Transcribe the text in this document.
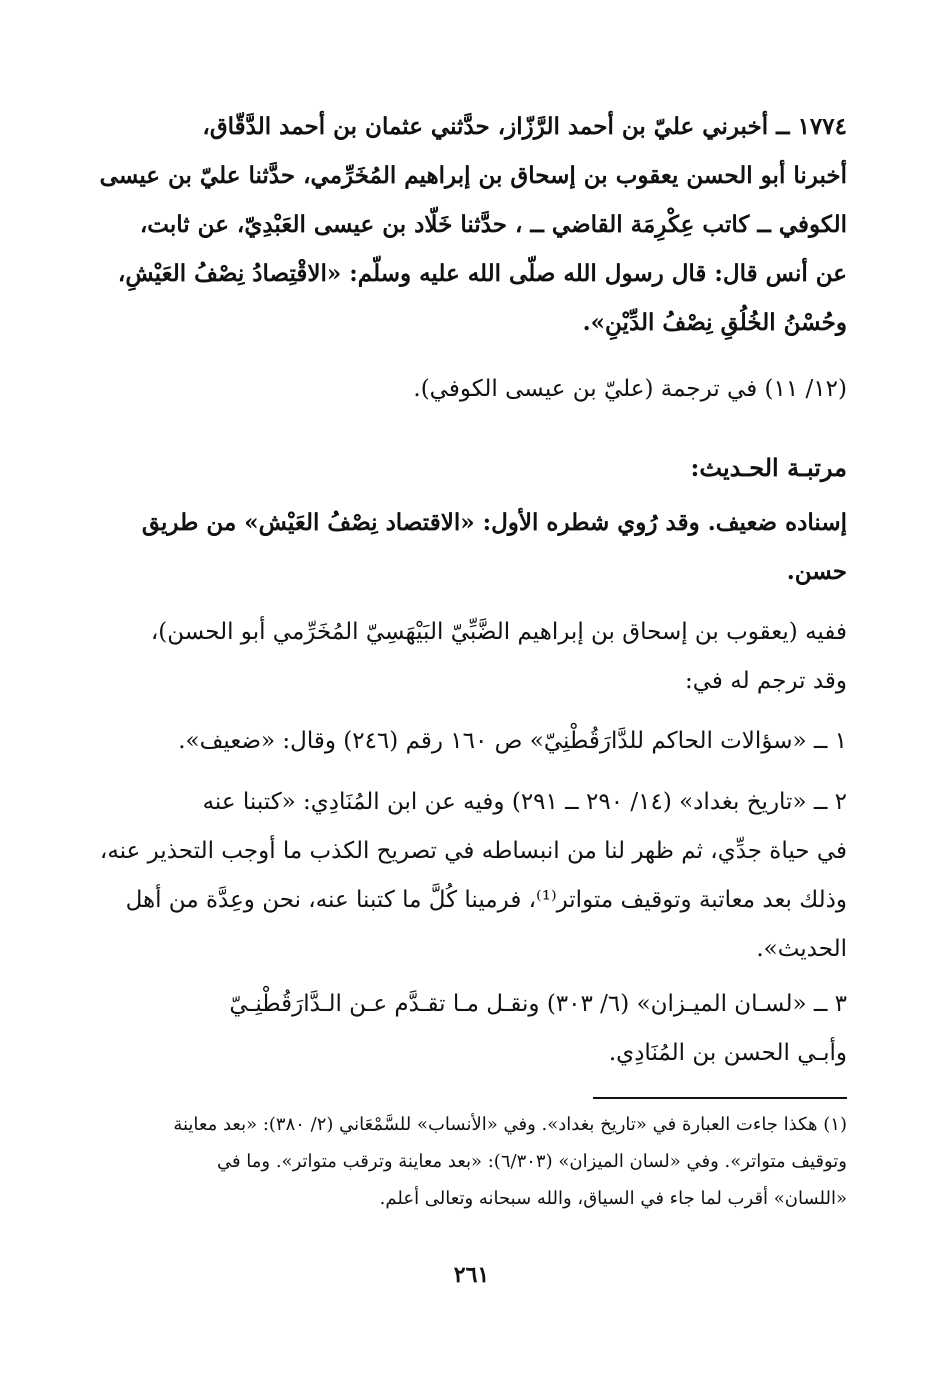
١٧٧٤ ــ أخبرني عليّ بن أحمد الرَّزّاز، حدَّثني عثمان بن أحمد الدَّقّاق،
أخبرنا أبو الحسن يعقوب بن إسحاق بن إبراهيم المُخَرِّمي، حدَّثنا عليّ بن عيسى
الكوفي ــ كاتب عِكْرِمَة القاضي ــ ، حدَّثنا خَلّاد بن عيسى العَبْدِيّ، عن ثابت،
عن أنس قال: قال رسول الله صلّى الله عليه وسلّم: «الاقْتِصادُ نِصْفُ العَيْشِ،
وحُسْنُ الخُلُقِ نِصْفُ الدِّيْنِ».
(١٢/ ١١) في ترجمة (عليّ بن عيسى الكوفي).
مرتبـة الحـديث:
إسناده ضعيف. وقد رُوي شطره الأول: «الاقتصاد نِصْفُ العَيْش» من طريق
حسن.
ففيه (يعقوب بن إسحاق بن إبراهيم الضَّبِّيّ البَيْهَسِيّ المُخَرِّمي أبو الحسن)،
وقد ترجم له في:
١ ــ «سؤالات الحاكم للدَّارَقُطْنِيّ» ص ١٦٠ رقم (٢٤٦) وقال: «ضعيف».
٢ ــ «تاريخ بغداد» (١٤/ ٢٩٠ ــ ٢٩١) وفيه عن ابن المُنَادِي: «كتبنا عنه
في حياة جدِّي، ثم ظهر لنا من انبساطه في تصريح الكذب ما أوجب التحذير عنه،
وذلك بعد معاتبة وتوقيف متواتر⁽¹⁾، فرمينا كُلَّ ما كتبنا عنه، نحن وعِدَّة من أهل
الحديث».
٣ ــ «لسـان الميـزان» (٦/ ٣٠٣) ونقـل مـا تقـدَّم عـن الـدَّارَقُطْنِـيّ
وأبـي الحسن بن المُنَادِي.
(١) هكذا جاءت العبارة في «تاريخ بغداد». وفي «الأنساب» للسَّمْعَاني (٢/ ٣٨٠): «بعد معاينة
وتوقيف متواتر». وفي «لسان الميزان» (٦/٣٠٣): «بعد معاينة وترقب متواتر». وما في
«اللسان» أقرب لما جاء في السياق، والله سبحانه وتعالى أعلم.
٢٦١
